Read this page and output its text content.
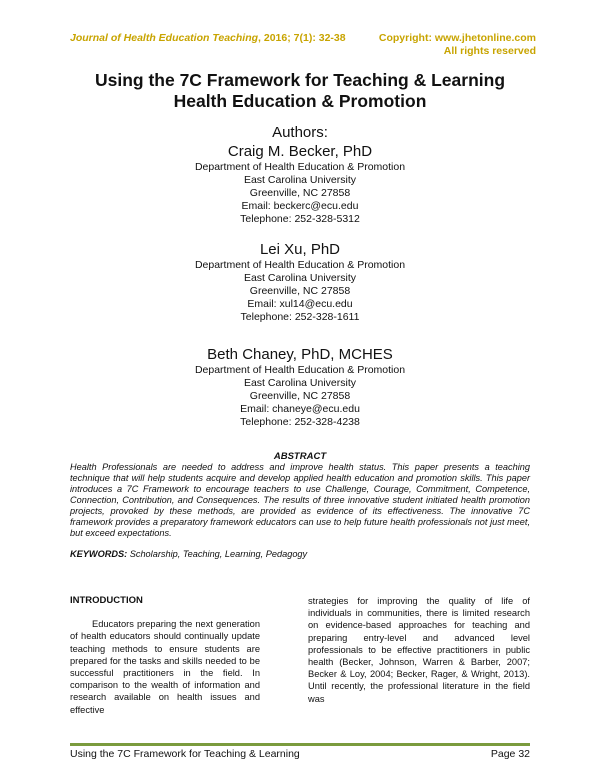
Journal of Health Education Teaching, 2016; 7(1): 32-38	Copyright: www.jhetonline.com
All rights reserved
Using the 7C Framework for Teaching & Learning
Health Education & Promotion
Authors:
Craig M. Becker, PhD
Department of Health Education & Promotion
East Carolina University
Greenville, NC 27858
Email: beckerc@ecu.edu
Telephone: 252-328-5312
Lei Xu, PhD
Department of Health Education & Promotion
East Carolina University
Greenville, NC 27858
Email: xul14@ecu.edu
Telephone: 252-328-1611
Beth Chaney, PhD, MCHES
Department of Health Education & Promotion
East Carolina University
Greenville, NC 27858
Email: chaneye@ecu.edu
Telephone: 252-328-4238
ABSTRACT
Health Professionals are needed to address and improve health status. This paper presents a teaching technique that will help students acquire and develop applied health education and promotion skills. This paper introduces a 7C Framework to encourage teachers to use Challenge, Courage, Commitment, Competence, Connection, Contribution, and Consequences. The results of three innovative student initiated health promotion projects, provoked by these methods, are provided as evidence of its effectiveness. The innovative 7C framework provides a preparatory framework educators can use to help future health professionals not just meet, but exceed expectations.
KEYWORDS: Scholarship, Teaching, Learning, Pedagogy
INTRODUCTION
Educators preparing the next generation of health educators should continually update teaching methods to ensure students are prepared for the tasks and skills needed to be successful practitioners in the field. In comparison to the wealth of information and research available on health issues and effective
strategies for improving the quality of life of individuals in communities, there is limited research on evidence-based approaches for teaching and preparing entry-level and advanced level professionals to be effective practitioners in public health (Becker, Johnson, Warren & Barber, 2007; Becker & Loy, 2004; Becker, Rager, & Wright, 2013). Until recently, the professional literature in the field was
Using the 7C Framework for Teaching & Learning	Page 32
